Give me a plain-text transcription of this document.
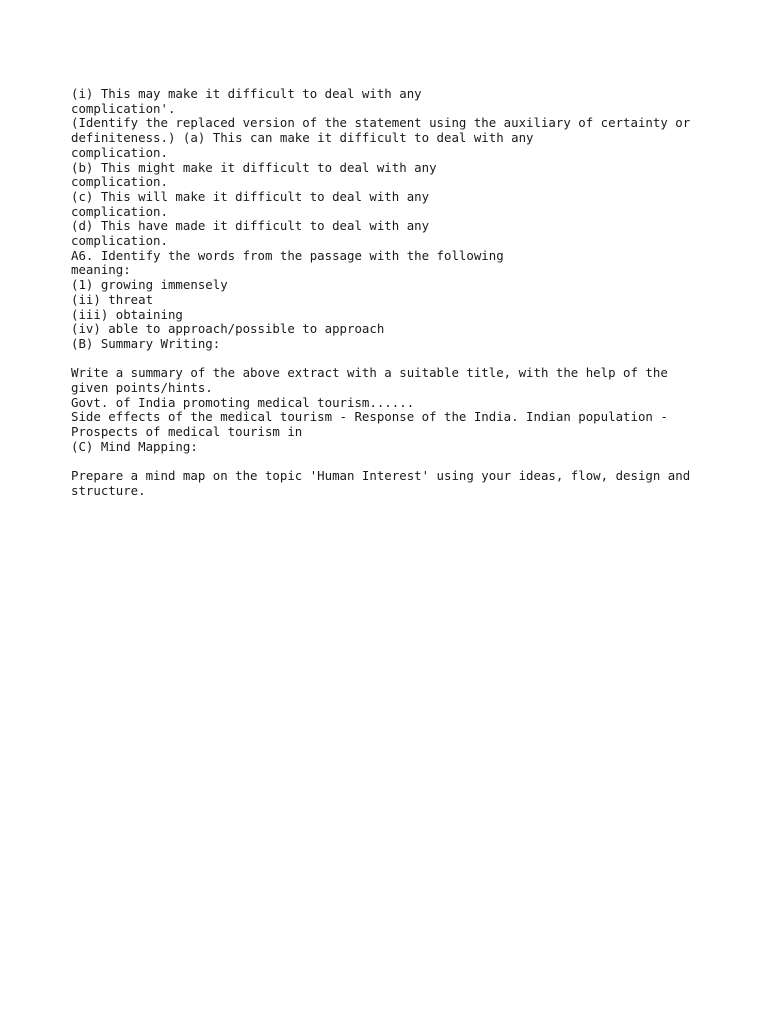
(i) This may make it difficult to deal with any
complication'.
(Identify the replaced version of the statement using the auxiliary of certainty or
definiteness.) (a) This can make it difficult to deal with any
complication.
(b) This might make it difficult to deal with any
complication.
(c) This will make it difficult to deal with any
complication.
(d) This have made it difficult to deal with any
complication.
A6. Identify the words from the passage with the following
meaning:
(1) growing immensely
(ii) threat
(iii) obtaining
(iv) able to approach/possible to approach
(B) Summary Writing:
Write a summary of the above extract with a suitable title, with the help of the
given points/hints.
Govt. of India promoting medical tourism......
Side effects of the medical tourism - Response of the India. Indian population -
Prospects of medical tourism in
(C) Mind Mapping:
Prepare a mind map on the topic 'Human Interest' using your ideas, flow, design and
structure.
